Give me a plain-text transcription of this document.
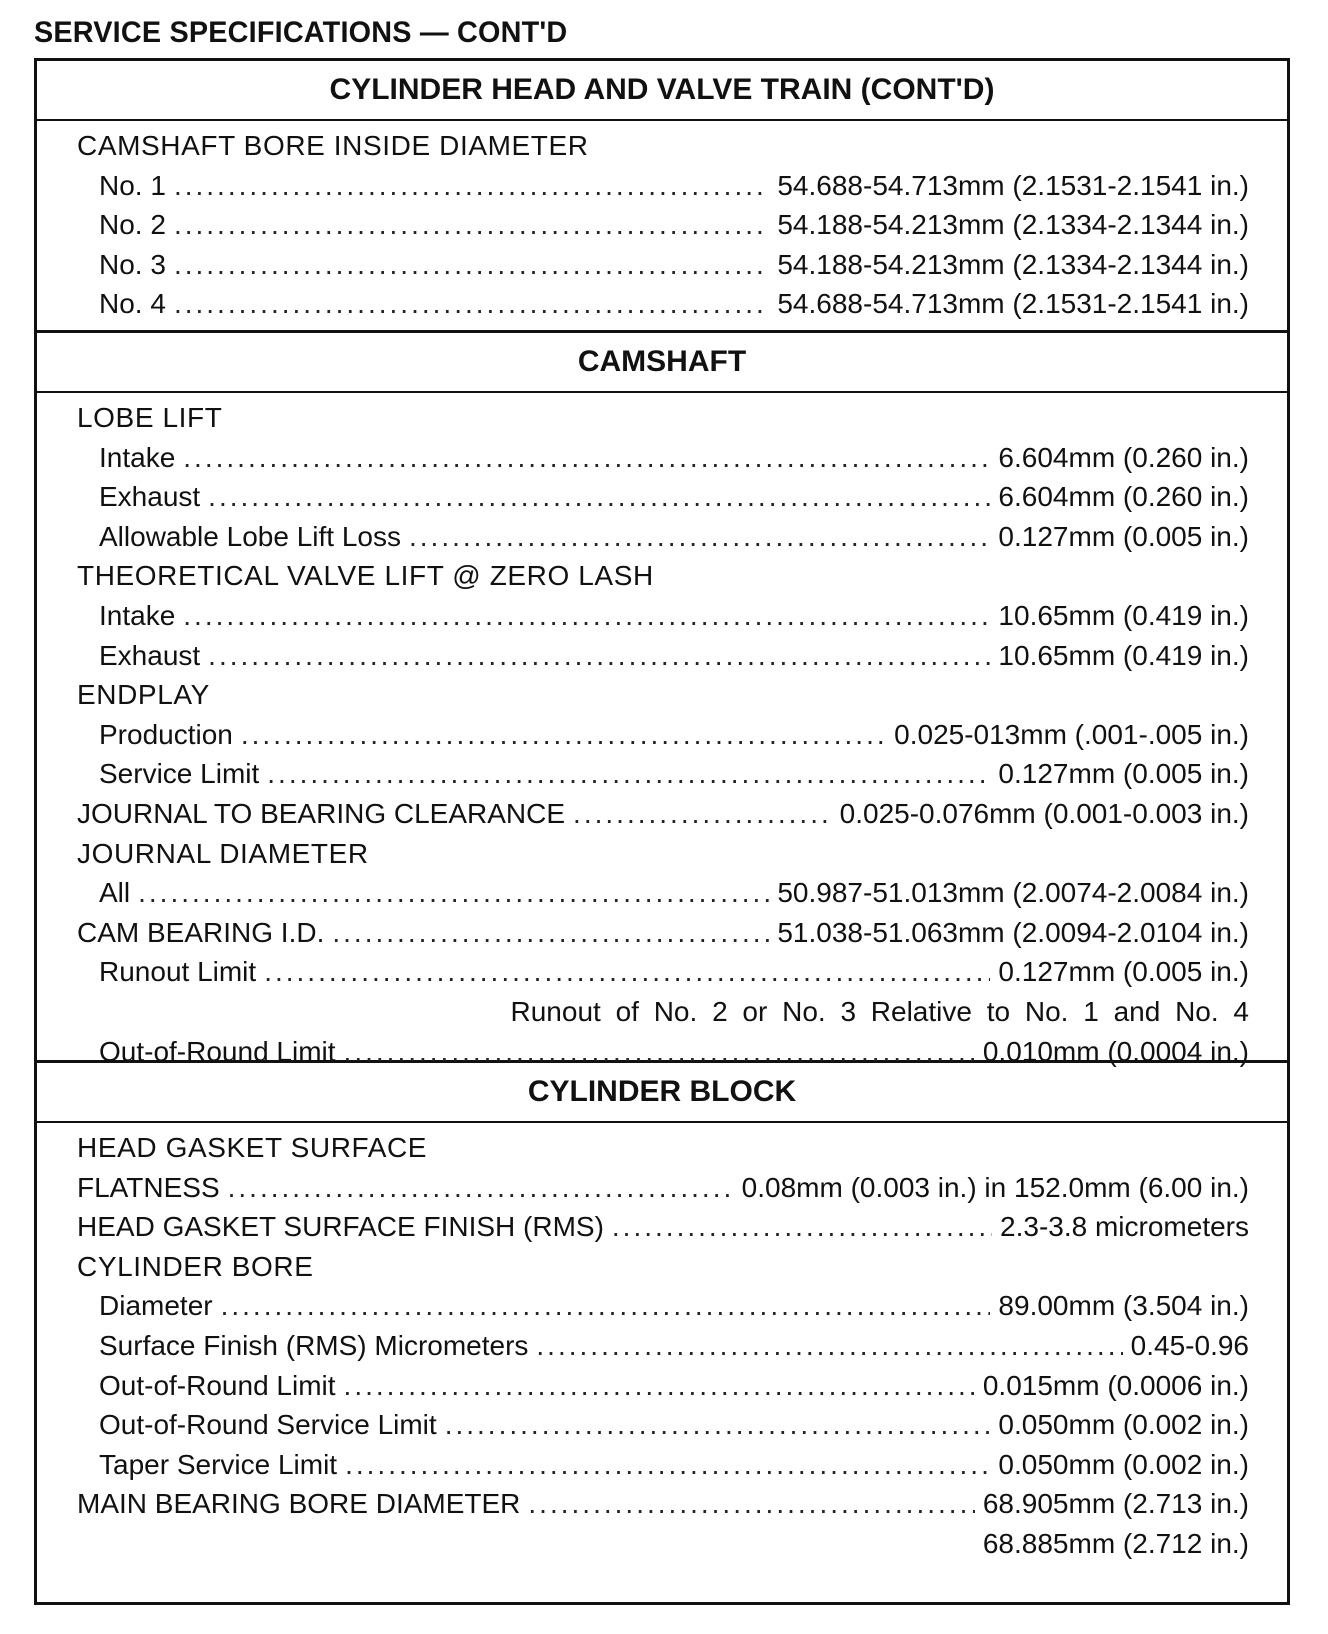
SERVICE SPECIFICATIONS — CONT'D
CYLINDER HEAD AND VALVE TRAIN (CONT'D)
CAMSHAFT BORE INSIDE DIAMETER
No. 1 .....	54.688-54.713mm (2.1531-2.1541 in.)
No. 2 .....	54.188-54.213mm (2.1334-2.1344 in.)
No. 3 .....	54.188-54.213mm (2.1334-2.1344 in.)
No. 4 .....	54.688-54.713mm (2.1531-2.1541 in.)
CAMSHAFT
LOBE LIFT
Intake .....	6.604mm (0.260 in.)
Exhaust .....	6.604mm (0.260 in.)
Allowable Lobe Lift Loss .....	0.127mm (0.005 in.)
THEORETICAL VALVE LIFT @ ZERO LASH
Intake .....	10.65mm (0.419 in.)
Exhaust .....	10.65mm (0.419 in.)
ENDPLAY
Production .....	0.025-013mm (.001-.005 in.)
Service Limit .....	0.127mm (0.005 in.)
JOURNAL TO BEARING CLEARANCE .....	0.025-0.076mm (0.001-0.003 in.)
JOURNAL DIAMETER
All .....	50.987-51.013mm (2.0074-2.0084 in.)
CAM BEARING I.D. .....	51.038-51.063mm (2.0094-2.0104 in.)
Runout Limit .....	0.127mm (0.005 in.)
Runout of No. 2 or No. 3 Relative to No. 1 and No. 4
Out-of-Round Limit .....	0.010mm (0.0004 in.)
CYLINDER BLOCK
HEAD GASKET SURFACE
FLATNESS .....	0.08mm (0.003 in.) in 152.0mm (6.00 in.)
HEAD GASKET SURFACE FINISH (RMS) .....	2.3-3.8 micrometers
CYLINDER BORE
Diameter .....	89.00mm (3.504 in.)
Surface Finish (RMS) Micrometers .....	0.45-0.96
Out-of-Round Limit .....	0.015mm (0.0006 in.)
Out-of-Round Service Limit .....	0.050mm (0.002 in.)
Taper Service Limit .....	0.050mm (0.002 in.)
MAIN BEARING BORE DIAMETER .....	68.905mm (2.713 in.)
68.885mm (2.712 in.)
